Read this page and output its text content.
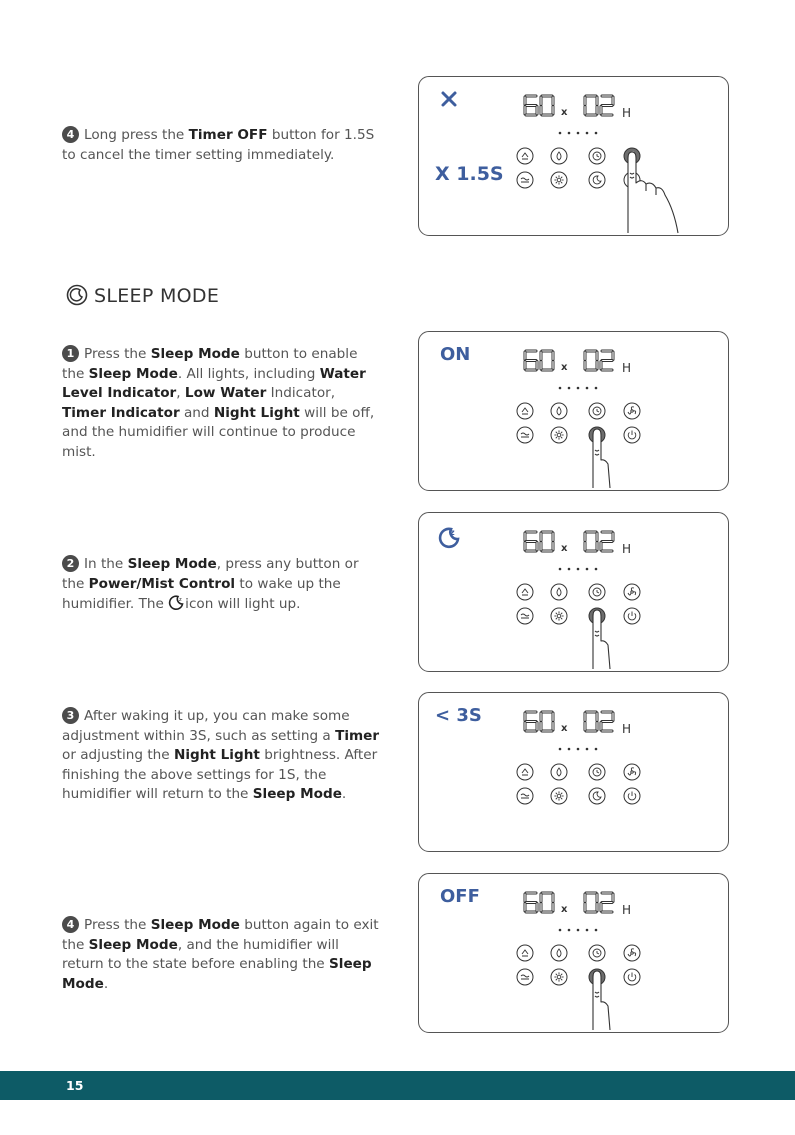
4 Long press the Timer OFF button for 1.5S to cancel the timer setting immediately.
x	H
X 1.5S
SLEEP MODE
1 Press the Sleep Mode button to enable the Sleep Mode. All lights, including Water Level Indicator, Low Water Indicator, Timer Indicator and Night Light will be off, and the humidifier will continue to produce mist.
x	H
ON
2 In the Sleep Mode, press any button or the Power/Mist Control to wake up the humidifier. The z icon will light up.
z
x	H
3 After waking it up, you can make some adjustment within 3S, such as setting a Timer or adjusting the Night Light brightness. After finishing the above settings for 1S, the humidifier will return to the Sleep Mode.
x	H
< 3S
4 Press the Sleep Mode button again to exit the Sleep Mode, and the humidifier will return to the state before enabling the Sleep Mode.
x	H
OFF
15
